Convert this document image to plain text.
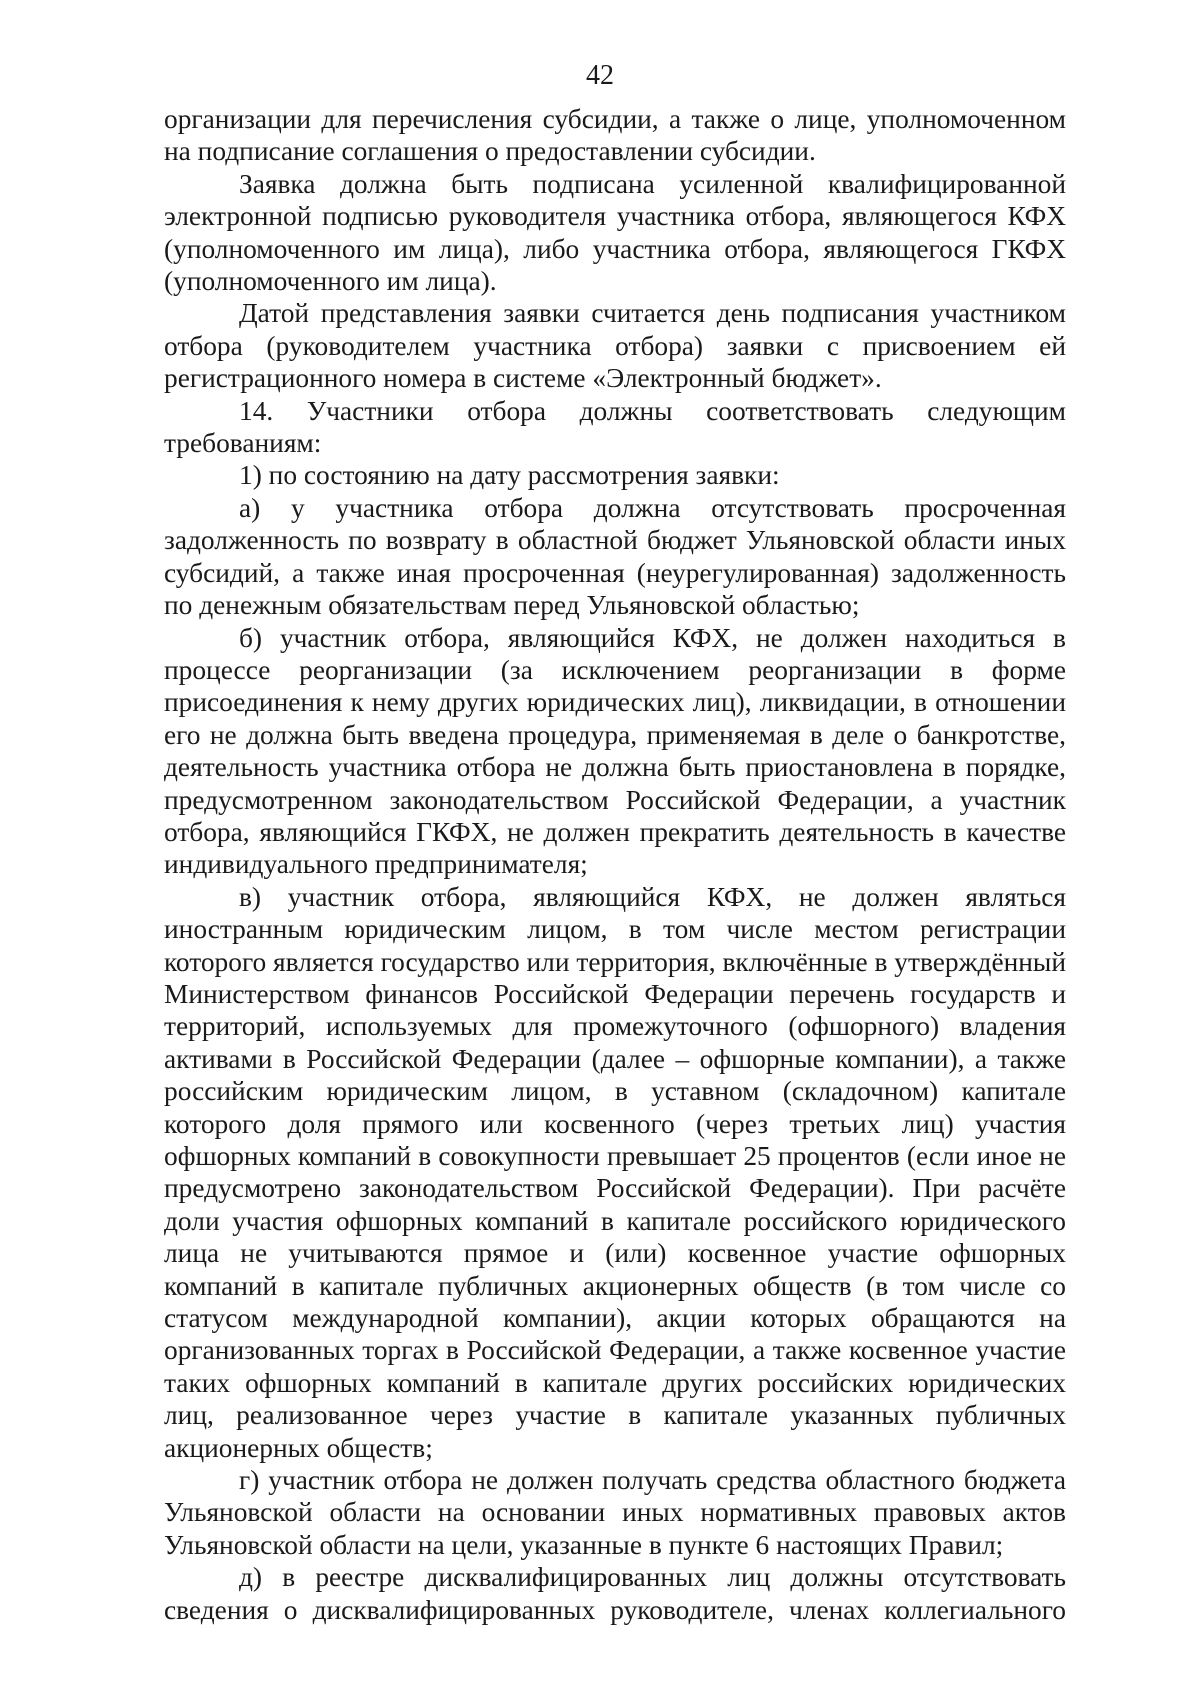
42

организации для перечисления субсидии, а также о лице, уполномоченном на подписание соглашения о предоставлении субсидии.

Заявка должна быть подписана усиленной квалифицированной электронной подписью руководителя участника отбора, являющегося КФХ (уполномоченного им лица), либо участника отбора, являющегося ГКФХ (уполномоченного им лица).

Датой представления заявки считается день подписания участником отбора (руководителем участника отбора) заявки с присвоением ей регистрационного номера в системе «Электронный бюджет».

14. Участники отбора должны соответствовать следующим требованиям:

1) по состоянию на дату рассмотрения заявки:

а) у участника отбора должна отсутствовать просроченная задолженность по возврату в областной бюджет Ульяновской области иных субсидий, а также иная просроченная (неурегулированная) задолженность по денежным обязательствам перед Ульяновской областью;

б) участник отбора, являющийся КФХ, не должен находиться в процессе реорганизации (за исключением реорганизации в форме присоединения к нему других юридических лиц), ликвидации, в отношении его не должна быть введена процедура, применяемая в деле о банкротстве, деятельность участника отбора не должна быть приостановлена в порядке, предусмотренном законодательством Российской Федерации, а участник отбора, являющийся ГКФХ, не должен прекратить деятельность в качестве индивидуального предпринимателя;

в) участник отбора, являющийся КФХ, не должен являться иностранным юридическим лицом, в том числе местом регистрации которого является государство или территория, включённые в утверждённый Министерством финансов Российской Федерации перечень государств и территорий, используемых для промежуточного (офшорного) владения активами в Российской Федерации (далее – офшорные компании), а также российским юридическим лицом, в уставном (складочном) капитале которого доля прямого или косвенного (через третьих лиц) участия офшорных компаний в совокупности превышает 25 процентов (если иное не предусмотрено законодательством Российской Федерации). При расчёте доли участия офшорных компаний в капитале российского юридического лица не учитываются прямое и (или) косвенное участие офшорных компаний в капитале публичных акционерных обществ (в том числе со статусом международной компании), акции которых обращаются на организованных торгах в Российской Федерации, а также косвенное участие таких офшорных компаний в капитале других российских юридических лиц, реализованное через участие в капитале указанных публичных акционерных обществ;

г) участник отбора не должен получать средства областного бюджета Ульяновской области на основании иных нормативных правовых актов Ульяновской области на цели, указанные в пункте 6 настоящих Правил;

д) в реестре дисквалифицированных лиц должны отсутствовать сведения о дисквалифицированных руководителе, членах коллегиального
